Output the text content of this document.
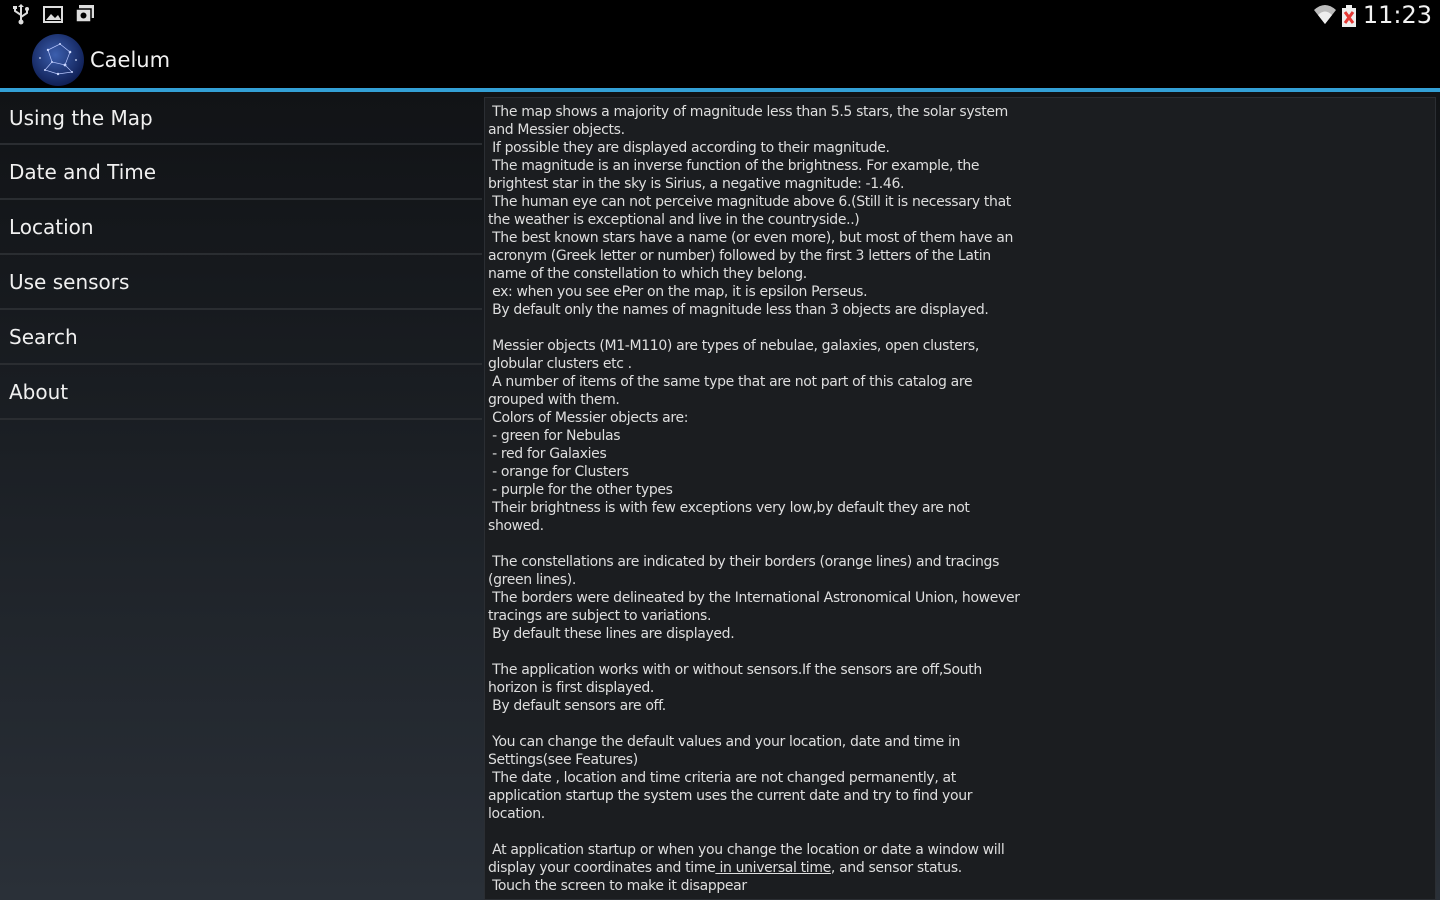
11:23
Caelum
Using the Map
Date and Time
Location
Use sensors
Search
About
The map shows a majority of magnitude less than 5.5 stars, the solar system
and Messier objects.
If possible they are displayed according to their magnitude.
The magnitude is an inverse function of the brightness. For example, the
brightest star in the sky is Sirius, a negative magnitude: -1.46.
The human eye can not perceive magnitude above 6.(Still it is necessary that
the weather is exceptional and live in the countryside..)
The best known stars have a name (or even more), but most of them have an
acronym (Greek letter or number) followed by the first 3 letters of the Latin
name of the constellation to which they belong.
ex: when you see ePer on the map, it is epsilon Perseus.
By default only the names of magnitude less than 3 objects are displayed.

Messier objects (M1-M110) are types of nebulae, galaxies, open clusters,
globular clusters etc .
A number of items of the same type that are not part of this catalog are
grouped with them.
Colors of Messier objects are:
- green for Nebulas
- red for Galaxies
- orange for Clusters
- purple for the other types
Their brightness is with few exceptions very low,by default they are not
showed.

The constellations are indicated by their borders (orange lines) and tracings
(green lines).
The borders were delineated by the International Astronomical Union, however
tracings are subject to variations.
By default these lines are displayed.

The application works with or without sensors.If the sensors are off,South
horizon is first displayed.
By default sensors are off.

You can change the default values and your location, date and time in
Settings(see Features)
The date , location and time criteria are not changed permanently, at
application startup the system uses the current date and try to find your
location.

At application startup or when you change the location or date a window will
display your coordinates and time in universal time, and sensor status.
Touch the screen to make it disappear
